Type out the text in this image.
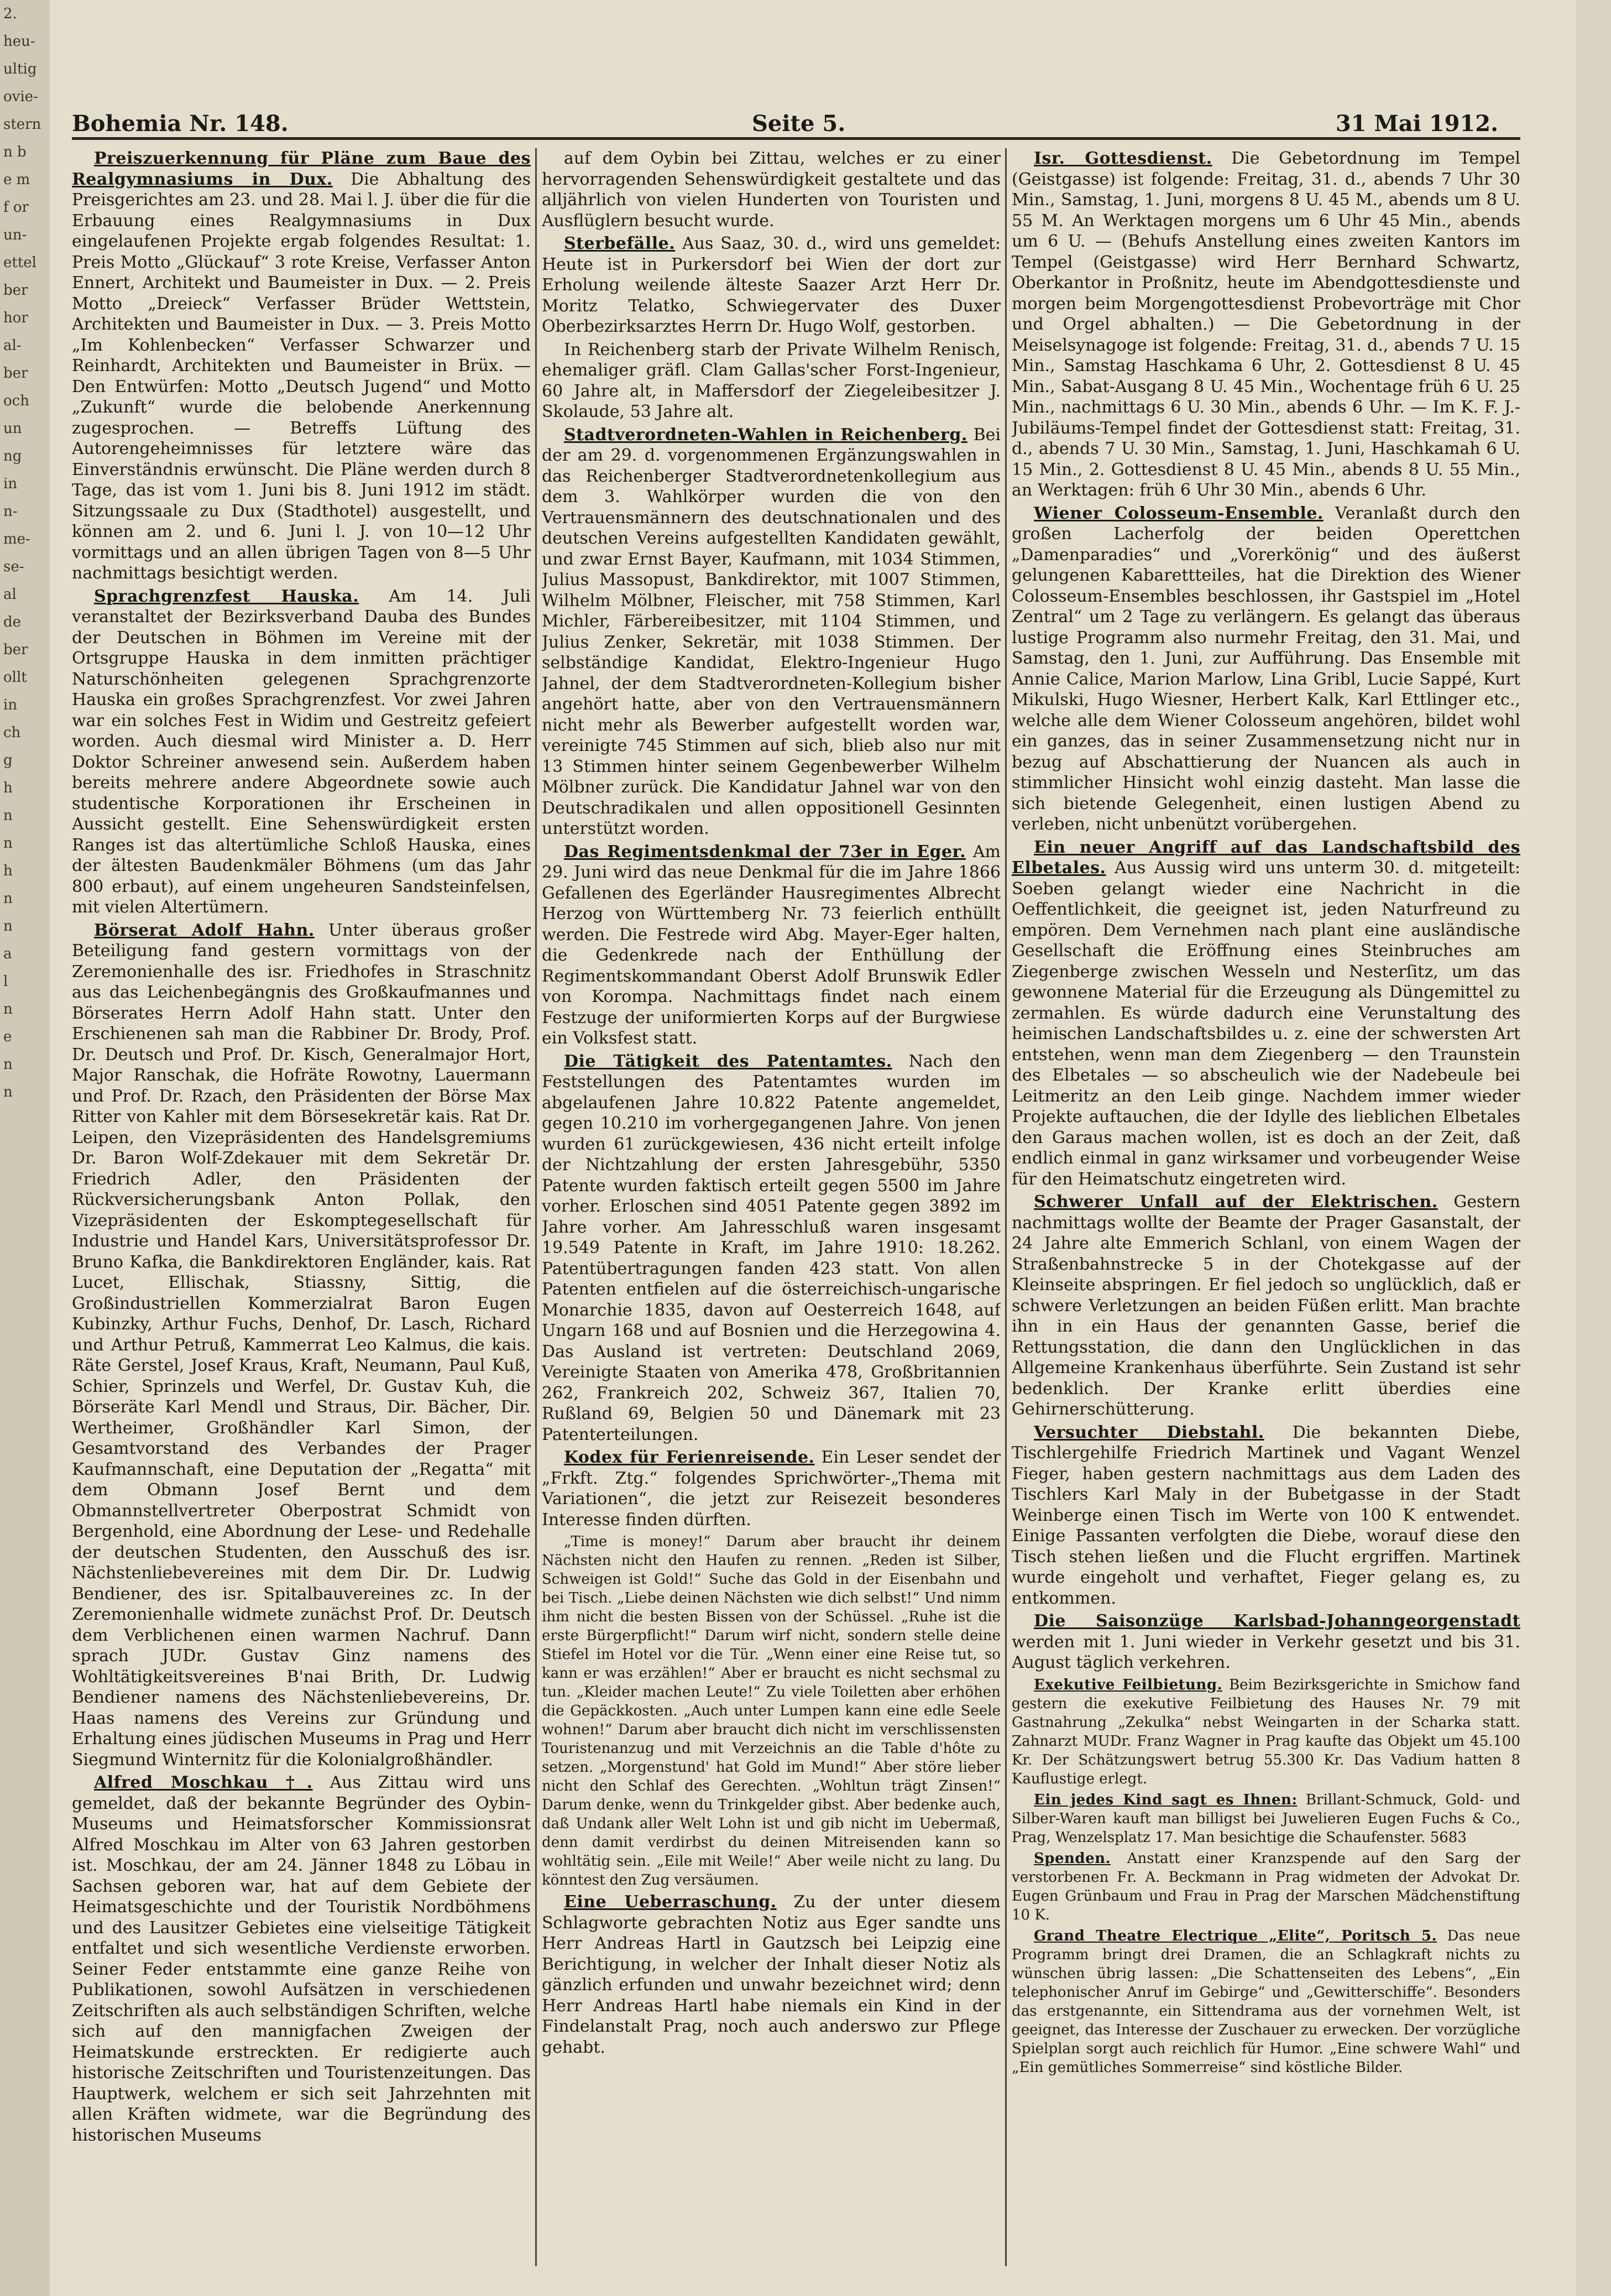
2.
heu-
ultig
ovie-
stern
n b
e m
f or
un-
ettel
ber
hor
al-
ber
och
un
ng
in
n-
me-
se-
al
de
ber
ollt
in
ch
g
h
n
n
h
n
n
a
l
n
e
n
n
Bohemia Nr. 148.	Seite 5.	31 Mai 1912.

Preiszuerkennung für Pläne zum Baue des Realgymnasiums in Dux. Die Abhaltung des Preisgerichtes am 23. und 28. Mai l. J. über die für die Erbauung eines Realgymnasiums in Dux eingelaufenen Projekte ergab folgendes Resultat: 1. Preis Motto „Glückauf“ 3 rote Kreise, Verfasser Anton Ennert, Architekt und Baumeister in Dux. — 2. Preis Motto „Dreieck“ Verfasser Brüder Wettstein, Architekten und Baumeister in Dux. — 3. Preis Motto „Im Kohlenbecken“ Verfasser Schwarzer und Reinhardt, Architekten und Baumeister in Brüx. — Den Entwürfen: Motto „Deutsch Jugend“ und Motto „Zukunft“ wurde die belobende Anerkennung zugesprochen. — Betreffs Lüftung des Autorengeheimnisses für letztere wäre das Einverständnis erwünscht. Die Pläne werden durch 8 Tage, das ist vom 1. Juni bis 8. Juni 1912 im städt. Sitzungssaale zu Dux (Stadthotel) ausgestellt, und können am 2. und 6. Juni l. J. von 10—12 Uhr vormittags und an allen übrigen Tagen von 8—5 Uhr nachmittags besichtigt werden.

Sprachgrenzfest Hauska. Am 14. Juli veranstaltet der Bezirksverband Dauba des Bundes der Deutschen in Böhmen im Vereine mit der Ortsgruppe Hauska in dem inmitten prächtiger Naturschönheiten gelegenen Sprachgrenzorte Hauska ein großes Sprachgrenzfest. Vor zwei Jahren war ein solches Fest in Widim und Gestreitz gefeiert worden. Auch diesmal wird Minister a. D. Herr Doktor Schreiner anwesend sein. Außerdem haben bereits mehrere andere Abgeordnete sowie auch studentische Korporationen ihr Erscheinen in Aussicht gestellt. Eine Sehenswürdigkeit ersten Ranges ist das altertümliche Schloß Hauska, eines der ältesten Baudenkmäler Böhmens (um das Jahr 800 erbaut), auf einem ungeheuren Sandsteinfelsen, mit vielen Altertümern.

Börserat Adolf Hahn. Unter überaus großer Beteiligung fand gestern vormittags von der Zeremonienhalle des isr. Friedhofes in Straschnitz aus das Leichenbegängnis des Großkaufmannes und Börserates Herrn Adolf Hahn statt. Unter den Erschienenen sah man die Rabbiner Dr. Brody, Prof. Dr. Deutsch und Prof. Dr. Kisch, Generalmajor Hort, Major Ranschak, die Hofräte Rowotny, Lauermann und Prof. Dr. Rzach, den Präsidenten der Börse Max Ritter von Kahler mit dem Börsesekretär kais. Rat Dr. Leipen, den Vizepräsidenten des Handelsgremiums Dr. Baron Wolf-Zdekauer mit dem Sekretär Dr. Friedrich Adler, den Präsidenten der Rückversicherungsbank Anton Pollak, den Vizepräsidenten der Eskomptegesellschaft für Industrie und Handel Kars, Universitätsprofessor Dr. Bruno Kafka, die Bankdirektoren Engländer, kais. Rat Lucet, Ellischak, Stiassny, Sittig, die Großindustriellen Kommerzialrat Baron Eugen Kubinzky, Arthur Fuchs, Denhof, Dr. Lasch, Richard und Arthur Petruß, Kammerrat Leo Kalmus, die kais. Räte Gerstel, Josef Kraus, Kraft, Neumann, Paul Kuß, Schier, Sprinzels und Werfel, Dr. Gustav Kuh, die Börseräte Karl Mendl und Straus, Dir. Bächer, Dir. Wertheimer, Großhändler Karl Simon, der Gesamtvorstand des Verbandes der Prager Kaufmannschaft, eine Deputation der „Regatta“ mit dem Obmann Josef Bernt und dem Obmannstellvertreter Oberpostrat Schmidt von Bergenhold, eine Abordnung der Lese- und Redehalle der deutschen Studenten, den Ausschuß des isr. Nächstenliebevereines mit dem Dir. Dr. Ludwig Bendiener, des isr. Spitalbauvereines zc. In der Zeremonienhalle widmete zunächst Prof. Dr. Deutsch dem Verblichenen einen warmen Nachruf. Dann sprach JUDr. Gustav Ginz namens des Wohltätigkeitsvereines B'nai Brith, Dr. Ludwig Bendiener namens des Nächstenliebevereins, Dr. Haas namens des Vereins zur Gründung und Erhaltung eines jüdischen Museums in Prag und Herr Siegmund Winternitz für die Kolonialgroßhändler.

Alfred Moschkau †. Aus Zittau wird uns gemeldet, daß der bekannte Begründer des Oybin-Museums und Heimatsforscher Kommissionsrat Alfred Moschkau im Alter von 63 Jahren gestorben ist. Moschkau, der am 24. Jänner 1848 zu Löbau in Sachsen geboren war, hat auf dem Gebiete der Heimatsgeschichte und der Touristik Nordböhmens und des Lausitzer Gebietes eine vielseitige Tätigkeit entfaltet und sich wesentliche Verdienste erworben. Seiner Feder entstammte eine ganze Reihe von Publikationen, sowohl Aufsätzen in verschiedenen Zeitschriften als auch selbständigen Schriften, welche sich auf den mannigfachen Zweigen der Heimatskunde erstreckten. Er redigierte auch historische Zeitschriften und Touristenzeitungen. Das Hauptwerk, welchem er sich seit Jahrzehnten mit allen Kräften widmete, war die Begründung des historischen Museums

auf dem Oybin bei Zittau, welches er zu einer hervorragenden Sehenswürdigkeit gestaltete und das alljährlich von vielen Hunderten von Touristen und Ausflüglern besucht wurde.

Sterbefälle. Aus Saaz, 30. d., wird uns gemeldet: Heute ist in Purkersdorf bei Wien der dort zur Erholung weilende älteste Saazer Arzt Herr Dr. Moritz Telatko, Schwiegervater des Duxer Oberbezirksarztes Herrn Dr. Hugo Wolf, gestorben.

In Reichenberg starb der Private Wilhelm Renisch, ehemaliger gräfl. Clam Gallas'scher Forst-Ingenieur, 60 Jahre alt, in Maffersdorf der Ziegeleibesitzer J. Skolaude, 53 Jahre alt.

Stadtverordneten-Wahlen in Reichenberg. Bei der am 29. d. vorgenommenen Ergänzungswahlen in das Reichenberger Stadtverordnetenkollegium aus dem 3. Wahlkörper wurden die von den Vertrauensmännern des deutschnationalen und des deutschen Vereins aufgestellten Kandidaten gewählt, und zwar Ernst Bayer, Kaufmann, mit 1034 Stimmen, Julius Massopust, Bankdirektor, mit 1007 Stimmen, Wilhelm Mölbner, Fleischer, mit 758 Stimmen, Karl Michler, Färbereibesitzer, mit 1104 Stimmen, und Julius Zenker, Sekretär, mit 1038 Stimmen. Der selbständige Kandidat, Elektro-Ingenieur Hugo Jahnel, der dem Stadtverordneten-Kollegium bisher angehört hatte, aber von den Vertrauensmännern nicht mehr als Bewerber aufgestellt worden war, vereinigte 745 Stimmen auf sich, blieb also nur mit 13 Stimmen hinter seinem Gegenbewerber Wilhelm Mölbner zurück. Die Kandidatur Jahnel war von den Deutschradikalen und allen oppositionell Gesinnten unterstützt worden.

Das Regimentsdenkmal der 73er in Eger. Am 29. Juni wird das neue Denkmal für die im Jahre 1866 Gefallenen des Egerländer Hausregimentes Albrecht Herzog von Württemberg Nr. 73 feierlich enthüllt werden. Die Festrede wird Abg. Mayer-Eger halten, die Gedenkrede nach der Enthüllung der Regimentskommandant Oberst Adolf Brunswik Edler von Korompa. Nachmittags findet nach einem Festzuge der uniformierten Korps auf der Burgwiese ein Volksfest statt.

Die Tätigkeit des Patentamtes. Nach den Feststellungen des Patentamtes wurden im abgelaufenen Jahre 10.822 Patente angemeldet, gegen 10.210 im vorhergegangenen Jahre. Von jenen wurden 61 zurückgewiesen, 436 nicht erteilt infolge der Nichtzahlung der ersten Jahresgebühr, 5350 Patente wurden faktisch erteilt gegen 5500 im Jahre vorher. Erloschen sind 4051 Patente gegen 3892 im Jahre vorher. Am Jahresschluß waren insgesamt 19.549 Patente in Kraft, im Jahre 1910: 18.262. Patentübertragungen fanden 423 statt. Von allen Patenten entfielen auf die österreichisch-ungarische Monarchie 1835, davon auf Oesterreich 1648, auf Ungarn 168 und auf Bosnien und die Herzegowina 4. Das Ausland ist vertreten: Deutschland 2069, Vereinigte Staaten von Amerika 478, Großbritannien 262, Frankreich 202, Schweiz 367, Italien 70, Rußland 69, Belgien 50 und Dänemark mit 23 Patenterteilungen.

Kodex für Ferienreisende. Ein Leser sendet der „Frkft. Ztg.“ folgendes Sprichwörter-„Thema mit Variationen“, die jetzt zur Reisezeit besonderes Interesse finden dürften.

„Time is money!“ Darum aber braucht ihr deinem Nächsten nicht den Haufen zu rennen. „Reden ist Silber, Schweigen ist Gold!“ Suche das Gold in der Eisenbahn und bei Tisch. „Liebe deinen Nächsten wie dich selbst!“ Und nimm ihm nicht die besten Bissen von der Schüssel. „Ruhe ist die erste Bürgerpflicht!“ Darum wirf nicht, sondern stelle deine Stiefel im Hotel vor die Tür. „Wenn einer eine Reise tut, so kann er was erzählen!“ Aber er braucht es nicht sechsmal zu tun. „Kleider machen Leute!“ Zu viele Toiletten aber erhöhen die Gepäckkosten. „Auch unter Lumpen kann eine edle Seele wohnen!“ Darum aber braucht dich nicht im verschlissensten Touristenanzug und mit Verzeichnis an die Table d'hôte zu setzen. „Morgenstund' hat Gold im Mund!“ Aber störe lieber nicht den Schlaf des Gerechten. „Wohltun trägt Zinsen!“ Darum denke, wenn du Trinkgelder gibst. Aber bedenke auch, daß Undank aller Welt Lohn ist und gib nicht im Uebermaß, denn damit verdirbst du deinen Mitreisenden kann so wohltätig sein. „Eile mit Weile!“ Aber weile nicht zu lang. Du könntest den Zug versäumen.

Eine Ueberraschung. Zu der unter diesem Schlagworte gebrachten Notiz aus Eger sandte uns Herr Andreas Hartl in Gautzsch bei Leipzig eine Berichtigung, in welcher der Inhalt dieser Notiz als gänzlich erfunden und unwahr bezeichnet wird; denn Herr Andreas Hartl habe niemals ein Kind in der Findelanstalt Prag, noch auch anderswo zur Pflege gehabt.

Isr. Gottesdienst. Die Gebetordnung im Tempel (Geistgasse) ist folgende: Freitag, 31. d., abends 7 Uhr 30 Min., Samstag, 1. Juni, morgens 8 U. 45 M., abends um 8 U. 55 M. An Werktagen morgens um 6 Uhr 45 Min., abends um 6 U. — (Behufs Anstellung eines zweiten Kantors im Tempel (Geistgasse) wird Herr Bernhard Schwartz, Oberkantor in Proßnitz, heute im Abendgottesdienste und morgen beim Morgengottesdienst Probevorträge mit Chor und Orgel abhalten.) — Die Gebetordnung in der Meiselsynagoge ist folgende: Freitag, 31. d., abends 7 U. 15 Min., Samstag Haschkama 6 Uhr, 2. Gottesdienst 8 U. 45 Min., Sabat-Ausgang 8 U. 45 Min., Wochentage früh 6 U. 25 Min., nachmittags 6 U. 30 Min., abends 6 Uhr. — Im K. F. J.-Jubiläums-Tempel findet der Gottesdienst statt: Freitag, 31. d., abends 7 U. 30 Min., Samstag, 1. Juni, Haschkamah 6 U. 15 Min., 2. Gottesdienst 8 U. 45 Min., abends 8 U. 55 Min., an Werktagen: früh 6 Uhr 30 Min., abends 6 Uhr.

Wiener Colosseum-Ensemble. Veranlaßt durch den großen Lacherfolg der beiden Operettchen „Damenparadies“ und „Vorerkönig“ und des äußerst gelungenen Kabarettteiles, hat die Direktion des Wiener Colosseum-Ensembles beschlossen, ihr Gastspiel im „Hotel Zentral“ um 2 Tage zu verlängern. Es gelangt das überaus lustige Programm also nurmehr Freitag, den 31. Mai, und Samstag, den 1. Juni, zur Aufführung. Das Ensemble mit Annie Calice, Marion Marlow, Lina Gribl, Lucie Sappé, Kurt Mikulski, Hugo Wiesner, Herbert Kalk, Karl Ettlinger etc., welche alle dem Wiener Colosseum angehören, bildet wohl ein ganzes, das in seiner Zusammensetzung nicht nur in bezug auf Abschattierung der Nuancen als auch in stimmlicher Hinsicht wohl einzig dasteht. Man lasse die sich bietende Gelegenheit, einen lustigen Abend zu verleben, nicht unbenützt vorübergehen.

Ein neuer Angriff auf das Landschaftsbild des Elbetales. Aus Aussig wird uns unterm 30. d. mitgeteilt: Soeben gelangt wieder eine Nachricht in die Oeffentlichkeit, die geeignet ist, jeden Naturfreund zu empören. Dem Vernehmen nach plant eine ausländische Gesellschaft die Eröffnung eines Steinbruches am Ziegenberge zwischen Wesseln und Nesterſitz, um das gewonnene Material für die Erzeugung als Düngemittel zu zermahlen. Es würde dadurch eine Verunstaltung des heimischen Landschaftsbildes u. z. eine der schwersten Art entstehen, wenn man dem Ziegenberg — den Traunstein des Elbetales — so abscheulich wie der Nadebeule bei Leitmeritz an den Leib ginge. Nachdem immer wieder Projekte auftauchen, die der Idylle des lieblichen Elbetales den Garaus machen wollen, ist es doch an der Zeit, daß endlich einmal in ganz wirksamer und vorbeugender Weise für den Heimatschutz eingetreten wird.

Schwerer Unfall auf der Elektrischen. Gestern nachmittags wollte der Beamte der Prager Gasanstalt, der 24 Jahre alte Emmerich Schlanl, von einem Wagen der Straßenbahnstrecke 5 in der Chotekgasse auf der Kleinseite abspringen. Er fiel jedoch so unglücklich, daß er schwere Verletzungen an beiden Füßen erlitt. Man brachte ihn in ein Haus der genannten Gasse, berief die Rettungsstation, die dann den Unglücklichen in das Allgemeine Krankenhaus überführte. Sein Zustand ist sehr bedenklich. Der Kranke erlitt überdies eine Gehirnerschütterung.

Versuchter Diebstahl. Die bekannten Diebe, Tischlergehilfe Friedrich Martinek und Vagant Wenzel Fieger, haben gestern nachmittags aus dem Laden des Tischlers Karl Maly in der Bubeṫgasse in der Stadt Weinberge einen Tisch im Werte von 100 K entwendet. Einige Passanten verfolgten die Diebe, worauf diese den Tisch stehen ließen und die Flucht ergriffen. Martinek wurde eingeholt und verhaftet, Fieger gelang es, zu entkommen.

Die Saisonzüge Karlsbad-Johanngeorgenstadt werden mit 1. Juni wieder in Verkehr gesetzt und bis 31. August täglich verkehren.

Exekutive Feilbietung. Beim Bezirksgerichte in Smichow fand gestern die exekutive Feilbietung des Hauses Nr. 79 mit Gastnahrung „Zekulka“ nebst Weingarten in der Scharka statt. Zahnarzt MUDr. Franz Wagner in Prag kaufte das Objekt um 45.100 Kr. Der Schätzungswert betrug 55.300 Kr. Das Vadium hatten 8 Kauflustige erlegt.

Ein jedes Kind sagt es Ihnen: Brillant-Schmuck, Gold- und Silber-Waren kauft man billigst bei Juwelieren Eugen Fuchs & Co., Prag, Wenzelsplatz 17. Man besichtige die Schaufenster. 5683

Spenden. Anstatt einer Kranzspende auf den Sarg der verstorbenen Fr. A. Beckmann in Prag widmeten der Advokat Dr. Eugen Grünbaum und Frau in Prag der Marschen Mädchenstiftung 10 K.

Grand Theatre Electrique „Elite“, Poritsch 5. Das neue Programm bringt drei Dramen, die an Schlagkraft nichts zu wünschen übrig lassen: „Die Schattenseiten des Lebens“, „Ein telephonischer Anruf im Gebirge“ und „Gewitterschiffe“. Besonders das erstgenannte, ein Sittendrama aus der vornehmen Welt, ist geeignet, das Interesse der Zuschauer zu erwecken. Der vorzügliche Spielplan sorgt auch reichlich für Humor. „Eine schwere Wahl“ und „Ein gemütliches Sommerreise“ sind köstliche Bilder.
